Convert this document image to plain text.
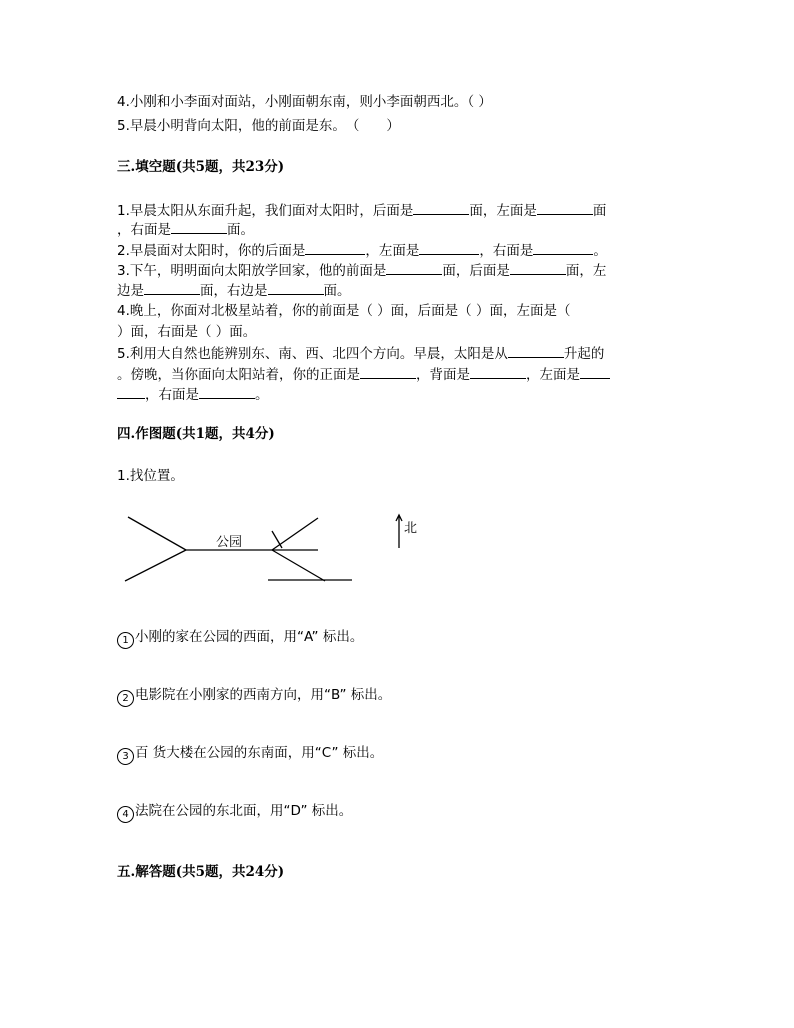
4.小刚和小李面对面站，小刚面朝东南，则小李面朝西北。（ ）
5.早晨小明背向太阳，他的前面是东。　（　　）
三.填空题(共5题，共23分)
1.早晨太阳从东面升起，我们面对太阳时，后面是	面，左面是	面
，右面是	面。
2.早晨面对太阳时，你的后面是	，左面是	，右面是	。
3.下午，明明面向太阳放学回家，他的前面是	面，后面是	面，左
边是	面，右边是	面。
4.晚上，你面对北极星站着，你的前面是（ ）面，后面是（ ）面，左面是（
）面，右面是（ ）面。
5.利用大自然也能辨别东、南、西、北四个方向。早晨，太阳是从	升起的
。傍晚，当你面向太阳站着，你的正面是	，背面是	，左面是
，右面是	。
四.作图题(共1题，共4分)
1.找位置。
公园
北
1 小刚的家在公园的西面，用“A” 标出。
2 电影院在小刚家的西南方向，用“B” 标出。
3 百 货大楼在公园的东南面，用“C” 标出。
4 法院在公园的东北面，用“D” 标出。
五.解答题(共5题，共24分)
